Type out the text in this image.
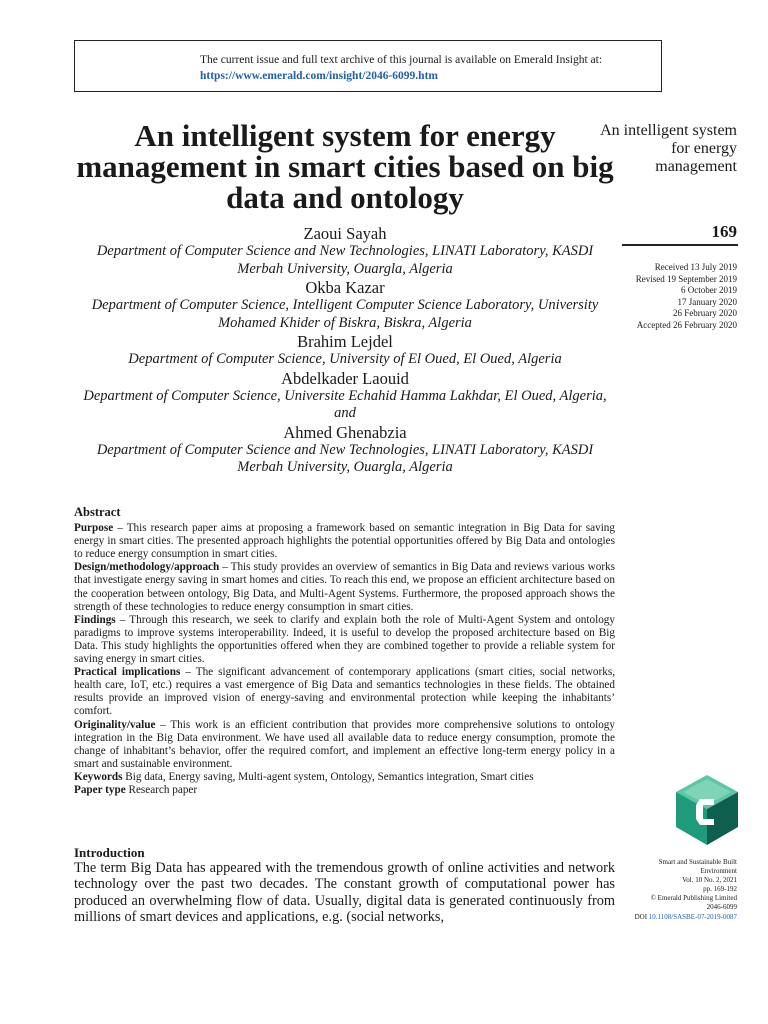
The current issue and full text archive of this journal is available on Emerald Insight at:
https://www.emerald.com/insight/2046-6099.htm
An intelligent system for energy management in smart cities based on big data and ontology
An intelligent system for energy management
169
Received 13 July 2019
Revised 19 September 2019
6 October 2019
17 January 2020
26 February 2020
Accepted 26 February 2020
Zaoui Sayah
Department of Computer Science and New Technologies, LINATI Laboratory, KASDI Merbah University, Ouargla, Algeria
Okba Kazar
Department of Computer Science, Intelligent Computer Science Laboratory, University Mohamed Khider of Biskra, Biskra, Algeria
Brahim Lejdel
Department of Computer Science, University of El Oued, El Oued, Algeria
Abdelkader Laouid
Department of Computer Science, Universite Echahid Hamma Lakhdar, El Oued, Algeria, and
Ahmed Ghenabzia
Department of Computer Science and New Technologies, LINATI Laboratory, KASDI Merbah University, Ouargla, Algeria
Abstract

Purpose – This research paper aims at proposing a framework based on semantic integration in Big Data for saving energy in smart cities. The presented approach highlights the potential opportunities offered by Big Data and ontologies to reduce energy consumption in smart cities.

Design/methodology/approach – This study provides an overview of semantics in Big Data and reviews various works that investigate energy saving in smart homes and cities. To reach this end, we propose an efficient architecture based on the cooperation between ontology, Big Data, and Multi-Agent Systems. Furthermore, the proposed approach shows the strength of these technologies to reduce energy consumption in smart cities.

Findings – Through this research, we seek to clarify and explain both the role of Multi-Agent System and ontology paradigms to improve systems interoperability. Indeed, it is useful to develop the proposed architecture based on Big Data. This study highlights the opportunities offered when they are combined together to provide a reliable system for saving energy in smart cities.

Practical implications – The significant advancement of contemporary applications (smart cities, social networks, health care, IoT, etc.) requires a vast emergence of Big Data and semantics technologies in these fields. The obtained results provide an improved vision of energy-saving and environmental protection while keeping the inhabitants’ comfort.

Originality/value – This work is an efficient contribution that provides more comprehensive solutions to ontology integration in the Big Data environment. We have used all available data to reduce energy consumption, promote the change of inhabitant’s behavior, offer the required comfort, and implement an effective long-term energy policy in a smart and sustainable environment.

Keywords Big data, Energy saving, Multi-agent system, Ontology, Semantics integration, Smart cities

Paper type Research paper

Smart and Sustainable Built
Environment
Vol. 10 No. 2, 2021
pp. 169-192
© Emerald Publishing Limited
2046-6099
DOI 10.1108/SASBE-07-2019-0087
Introduction

The term Big Data has appeared with the tremendous growth of online activities and network technology over the past two decades. The constant growth of computational power has produced an overwhelming flow of data. Usually, digital data is generated continuously from millions of smart devices and applications, e.g. (social networks,
